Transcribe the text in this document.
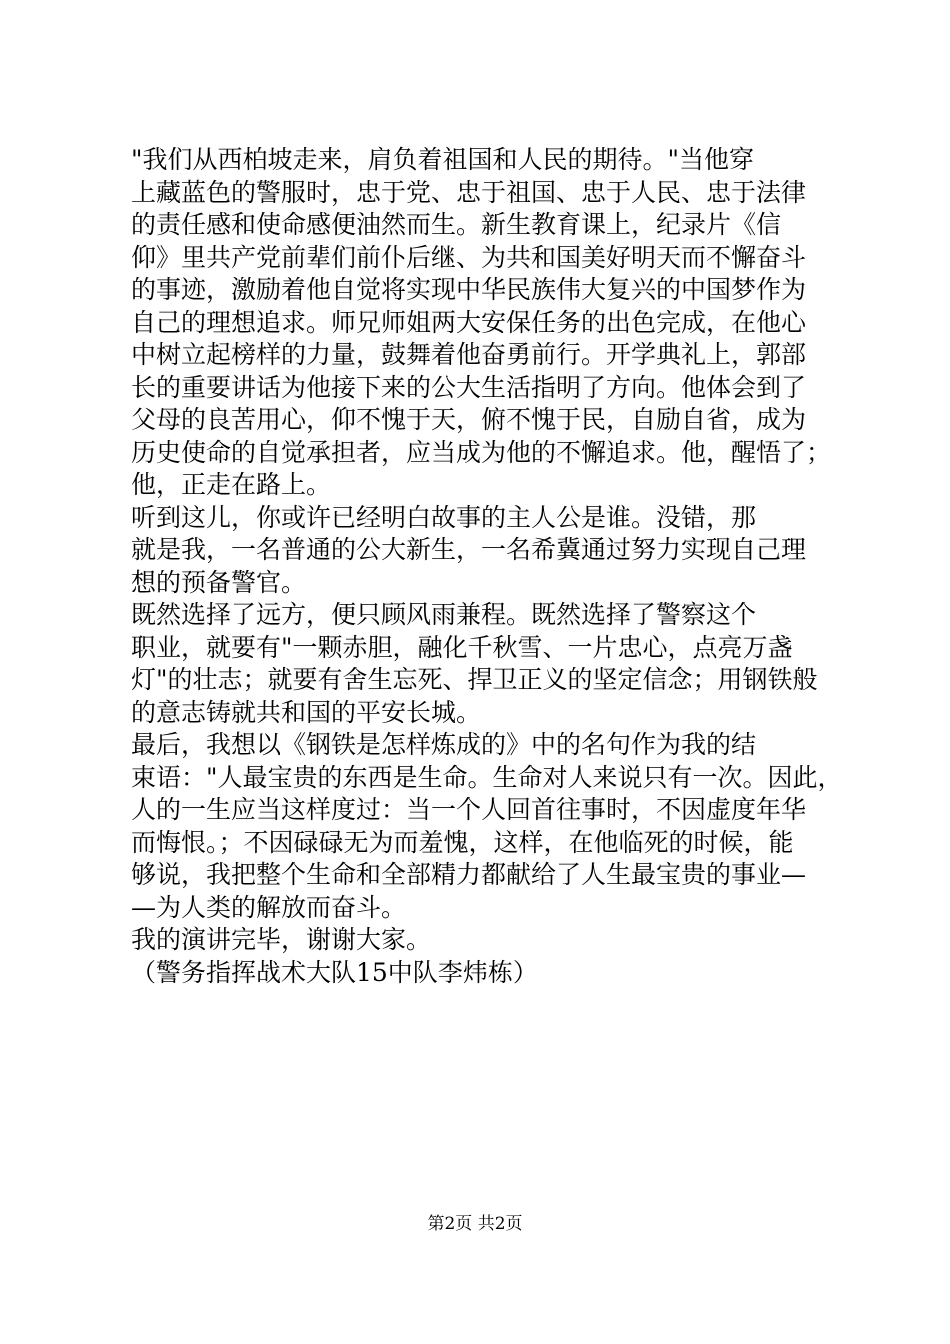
"我们从西柏坡走来，肩负着祖国和人民的期待。"当他穿
上藏蓝色的警服时，忠于党、忠于祖国、忠于人民、忠于法律
的责任感和使命感便油然而生。新生教育课上，纪录片《信
仰》里共产党前辈们前仆后继、为共和国美好明天而不懈奋斗
的事迹，激励着他自觉将实现中华民族伟大复兴的中国梦作为
自己的理想追求。师兄师姐两大安保任务的出色完成，在他心
中树立起榜样的力量，鼓舞着他奋勇前行。开学典礼上，郭部
长的重要讲话为他接下来的公大生活指明了方向。他体会到了
父母的良苦用心，仰不愧于天，俯不愧于民，自励自省，成为
历史使命的自觉承担者，应当成为他的不懈追求。他，醒悟了；
他，正走在路上。
听到这儿，你或许已经明白故事的主人公是谁。没错，那
就是我，一名普通的公大新生，一名希冀通过努力实现自己理
想的预备警官。
既然选择了远方，便只顾风雨兼程。既然选择了警察这个
职业，就要有"一颗赤胆，融化千秋雪、一片忠心，点亮万盏
灯"的壮志；就要有舍生忘死、捍卫正义的坚定信念；用钢铁般
的意志铸就共和国的平安长城。
最后，我想以《钢铁是怎样炼成的》中的名句作为我的结
束语："人最宝贵的东西是生命。生命对人来说只有一次。因此，
人的一生应当这样度过：当一个人回首往事时，不因虚度年华
而悔恨。；不因碌碌无为而羞愧，这样，在他临死的时候，能
够说，我把整个生命和全部精力都献给了人生最宝贵的事业—
—为人类的解放而奋斗。
我的演讲完毕，谢谢大家。
（警务指挥战术大队15中队李炜栋）
第2页 共2页
